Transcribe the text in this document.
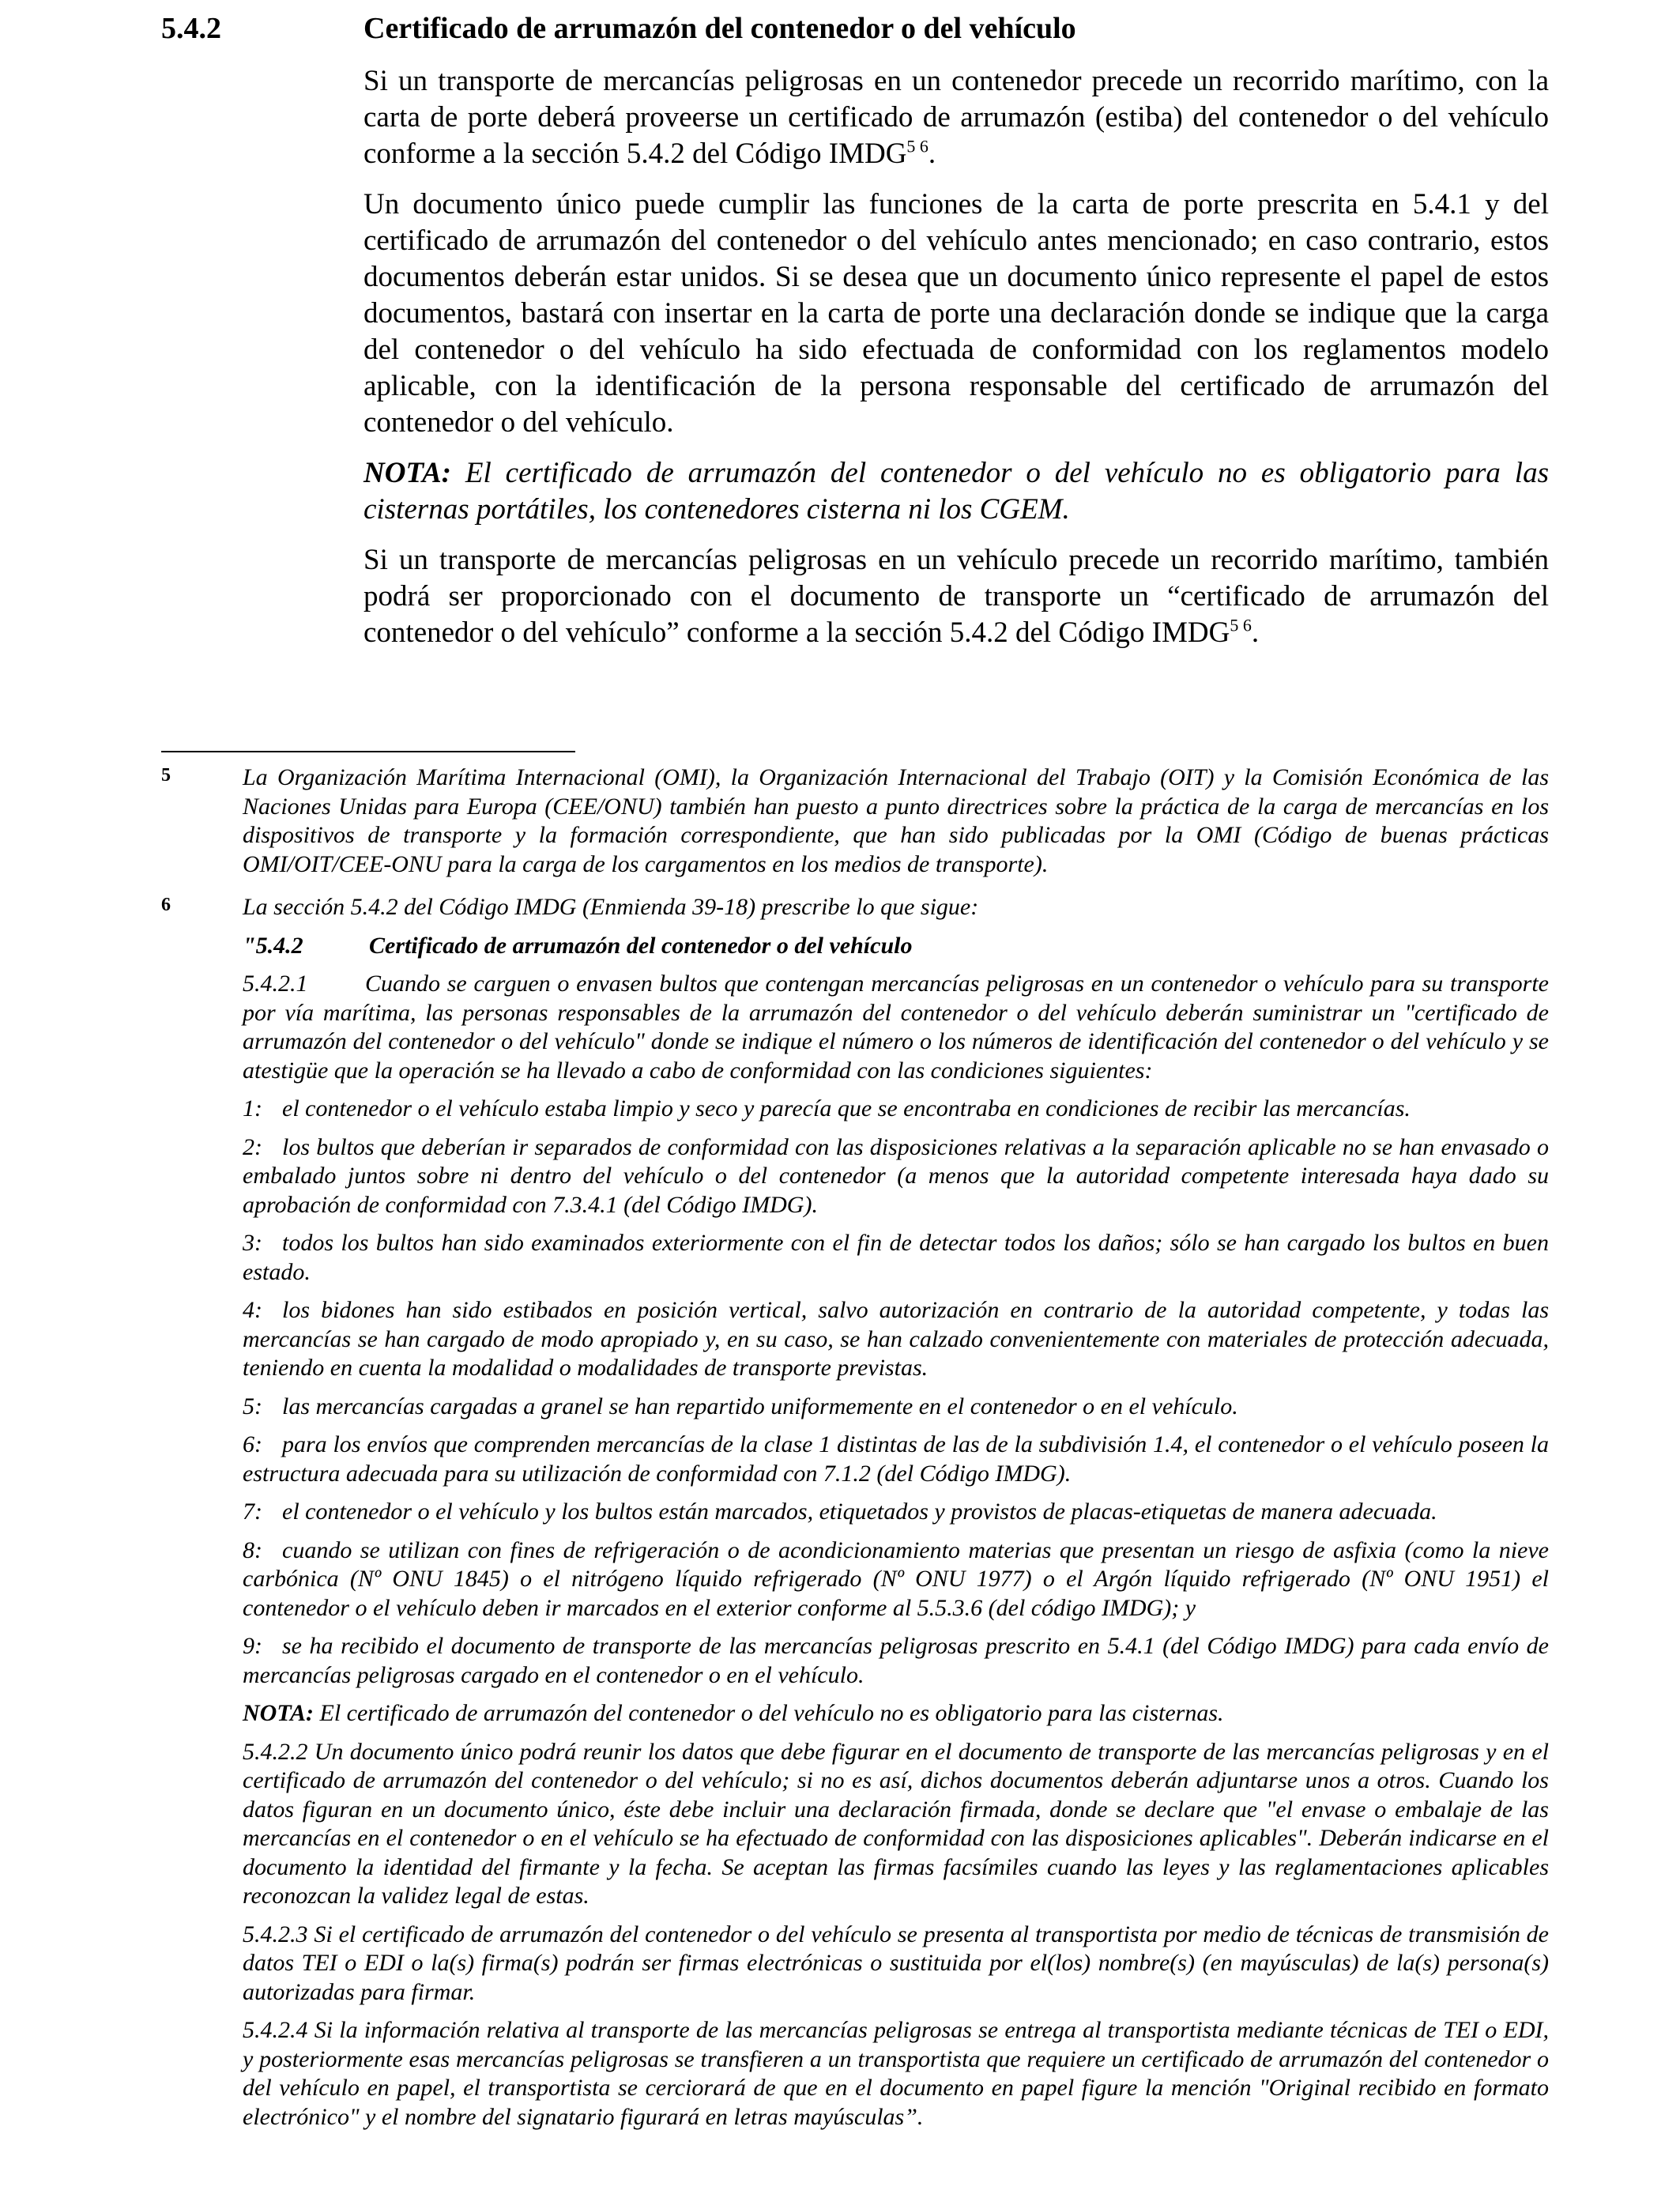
5.4.2	Certificado de arrumazón del contenedor o del vehículo

Si un transporte de mercancías peligrosas en un contenedor precede un recorrido marítimo, con la carta de porte deberá proveerse un certificado de arrumazón (estiba) del contenedor o del vehículo conforme a la sección 5.4.2 del Código $IMDG^{5 6}$.

Un documento único puede cumplir las funciones de la carta de porte prescrita en 5.4.1 y del certificado de arrumazón del contenedor o del vehículo antes mencionado; en caso contrario, estos documentos deberán estar unidos. Si se desea que un documento único represente el papel de estos documentos, bastará con insertar en la carta de porte una declaración donde se indique que la carga del contenedor o del vehículo ha sido efectuada de conformidad con los reglamentos modelo aplicable, con la identificación de la persona responsable del certificado de arrumazón del contenedor o del vehículo.

NOTA: El certificado de arrumazón del contenedor o del vehículo no es obligatorio para las cisternas portátiles, los contenedores cisterna ni los CGEM.

Si un transporte de mercancías peligrosas en un vehículo precede un recorrido marítimo, también podrá ser proporcionado con el documento de transporte un “certificado de arrumazón del contenedor o del vehículo” conforme a la sección 5.4.2 del Código $IMDG^{5 6}$.

5	La Organización Marítima Internacional (OMI), la Organización Internacional del Trabajo (OIT) y la Comisión Económica de las Naciones Unidas para Europa (CEE/ONU) también han puesto a punto directrices sobre la práctica de la carga de mercancías en los dispositivos de transporte y la formación correspondiente, que han sido publicadas por la OMI (Código de buenas prácticas OMI/OIT/CEE-ONU para la carga de los cargamentos en los medios de transporte).

6	La sección 5.4.2 del Código IMDG (Enmienda 39-18) prescribe lo que sigue:

"5.4.2	Certificado de arrumazón del contenedor o del vehículo

5.4.2.1 Cuando se carguen o envasen bultos que contengan mercancías peligrosas en un contenedor o vehículo para su transporte por vía marítima, las personas responsables de la arrumazón del contenedor o del vehículo deberán suministrar un "certificado de arrumazón del contenedor o del vehículo" donde se indique el número o los números de identificación del contenedor o del vehículo y se atestigüe que la operación se ha llevado a cabo de conformidad con las condiciones siguientes:

1: el contenedor o el vehículo estaba limpio y seco y parecía que se encontraba en condiciones de recibir las mercancías.

2: los bultos que deberían ir separados de conformidad con las disposiciones relativas a la separación aplicable no se han envasado o embalado juntos sobre ni dentro del vehículo o del contenedor (a menos que la autoridad competente interesada haya dado su aprobación de conformidad con 7.3.4.1 (del Código IMDG).

3: todos los bultos han sido examinados exteriormente con el fin de detectar todos los daños; sólo se han cargado los bultos en buen estado.

4: los bidones han sido estibados en posición vertical, salvo autorización en contrario de la autoridad competente, y todas las mercancías se han cargado de modo apropiado y, en su caso, se han calzado convenientemente con materiales de protección adecuada, teniendo en cuenta la modalidad o modalidades de transporte previstas.

5: las mercancías cargadas a granel se han repartido uniformemente en el contenedor o en el vehículo.

6: para los envíos que comprenden mercancías de la clase 1 distintas de las de la subdivisión 1.4, el contenedor o el vehículo poseen la estructura adecuada para su utilización de conformidad con 7.1.2 (del Código IMDG).

7: el contenedor o el vehículo y los bultos están marcados, etiquetados y provistos de placas-etiquetas de manera adecuada.

8: cuando se utilizan con fines de refrigeración o de acondicionamiento materias que presentan un riesgo de asfixia (como la nieve carbónica (Nº ONU 1845) o el nitrógeno líquido refrigerado (Nº ONU 1977) o el Argón líquido refrigerado (Nº ONU 1951) el contenedor o el vehículo deben ir marcados en el exterior conforme al 5.5.3.6 (del código IMDG); y

9: se ha recibido el documento de transporte de las mercancías peligrosas prescrito en 5.4.1 (del Código IMDG) para cada envío de mercancías peligrosas cargado en el contenedor o en el vehículo.

NOTA: El certificado de arrumazón del contenedor o del vehículo no es obligatorio para las cisternas.

5.4.2.2 Un documento único podrá reunir los datos que debe figurar en el documento de transporte de las mercancías peligrosas y en el certificado de arrumazón del contenedor o del vehículo; si no es así, dichos documentos deberán adjuntarse unos a otros. Cuando los datos figuran en un documento único, éste debe incluir una declaración firmada, donde se declare que "el envase o embalaje de las mercancías en el contenedor o en el vehículo se ha efectuado de conformidad con las disposiciones aplicables". Deberán indicarse en el documento la identidad del firmante y la fecha. Se aceptan las firmas facsímiles cuando las leyes y las reglamentaciones aplicables reconozcan la validez legal de estas.

5.4.2.3 Si el certificado de arrumazón del contenedor o del vehículo se presenta al transportista por medio de técnicas de transmisión de datos TEI o EDI o la(s) firma(s) podrán ser firmas electrónicas o sustituida por el(los) nombre(s) (en mayúsculas) de la(s) persona(s) autorizadas para firmar.

5.4.2.4 Si la información relativa al transporte de las mercancías peligrosas se entrega al transportista mediante técnicas de TEI o EDI, y posteriormente esas mercancías peligrosas se transfieren a un transportista que requiere un certificado de arrumazón del contenedor o del vehículo en papel, el transportista se cerciorará de que en el documento en papel figure la mención "Original recibido en formato electrónico" y el nombre del signatario figurará en letras mayúsculas”.
